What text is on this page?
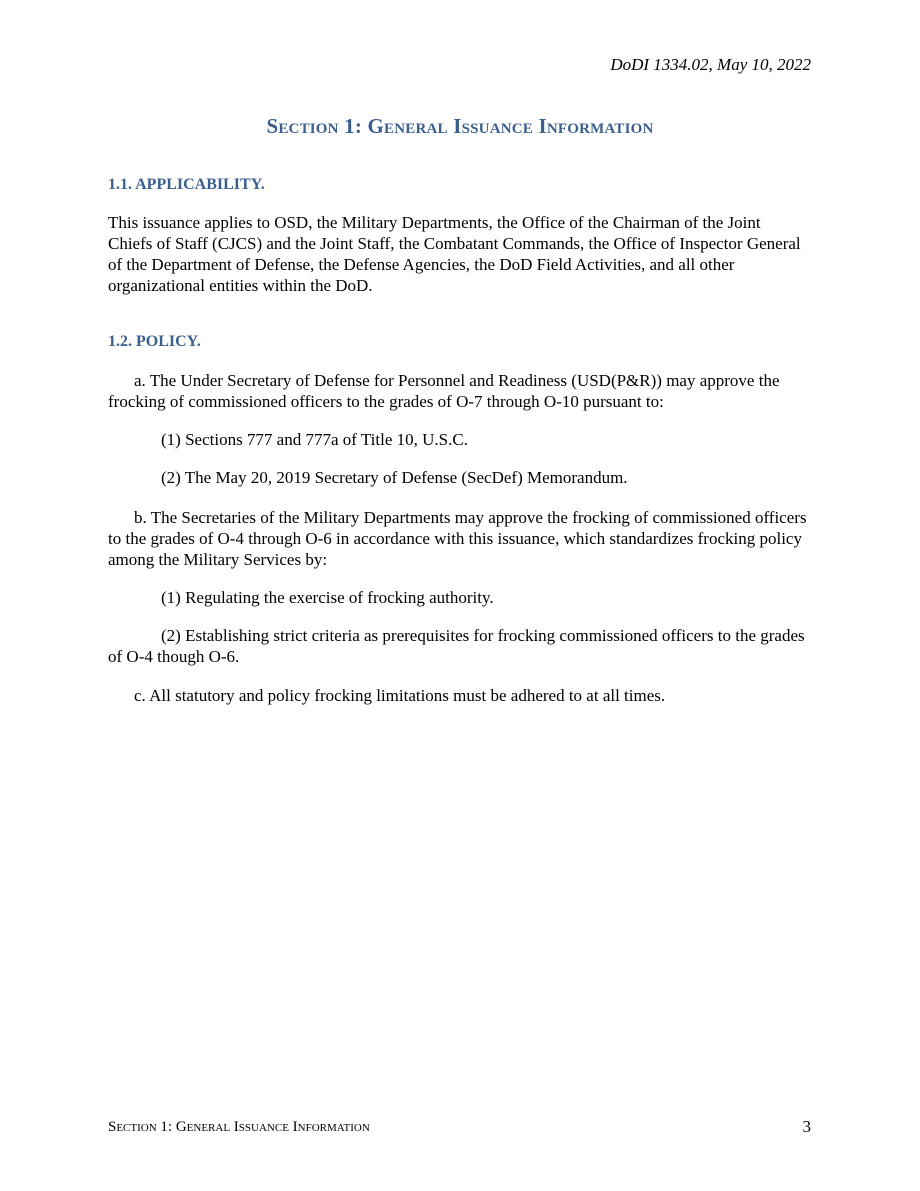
DoDI 1334.02, May 10, 2022
Section 1: General Issuance Information
1.1. APPLICABILITY.
This issuance applies to OSD, the Military Departments, the Office of the Chairman of the Joint Chiefs of Staff (CJCS) and the Joint Staff, the Combatant Commands, the Office of Inspector General of the Department of Defense, the Defense Agencies, the DoD Field Activities, and all other organizational entities within the DoD.
1.2. POLICY.
a. The Under Secretary of Defense for Personnel and Readiness (USD(P&R)) may approve the frocking of commissioned officers to the grades of O-7 through O-10 pursuant to:
(1) Sections 777 and 777a of Title 10, U.S.C.
(2) The May 20, 2019 Secretary of Defense (SecDef) Memorandum.
b. The Secretaries of the Military Departments may approve the frocking of commissioned officers to the grades of O-4 through O-6 in accordance with this issuance, which standardizes frocking policy among the Military Services by:
(1) Regulating the exercise of frocking authority.
(2) Establishing strict criteria as prerequisites for frocking commissioned officers to the grades of O-4 though O-6.
c. All statutory and policy frocking limitations must be adhered to at all times.
Section 1: General Issuance Information	3
